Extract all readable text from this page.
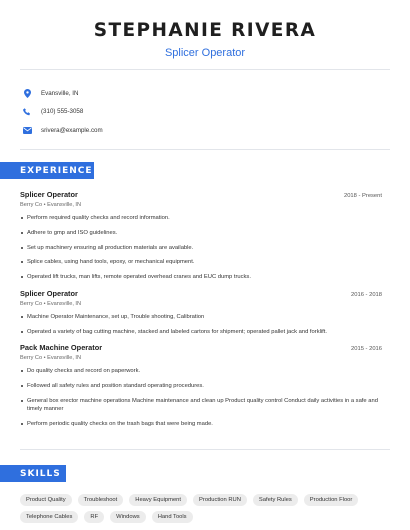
STEPHANIE RIVERA
Splicer Operator
Evansville, IN
(310) 555-3058
srivera@example.com
EXPERIENCE
Splicer Operator	2018 - Present
Berry Co • Evansville, IN
Perform required quality checks and record information.
Adhere to gmp and ISO guidelines.
Set up machinery ensuring all production materials are available.
Splice cables, using hand tools, epoxy, or mechanical equipment.
Operated lift trucks, man lifts, remote operated overhead cranes and EUC dump trucks.
Splicer Operator	2016 - 2018
Berry Co • Evansville, IN
Machine Operator Maintenance, set up, Trouble shooting, Calibration
Operated a variety of bag cutting machine, stacked and labeled cartons for shipment; operated pallet jack and forklift.
Pack Machine Operator	2015 - 2016
Berry Co • Evansville, IN
Do quality checks and record on paperwork.
Followed all safety rules and position standard operating procedures.
General box erector machine operations Machine maintenance and clean up Product quality control Conduct daily activities in a safe and timely manner
Perform periodic quality checks on the trash bags that were being made.
SKILLS
Product Quality	Troubleshoot	Heavy Equipment	Production RUN	Safety Rules	Production Floor
Telephone Cables	RF	Windows	Hand Tools
